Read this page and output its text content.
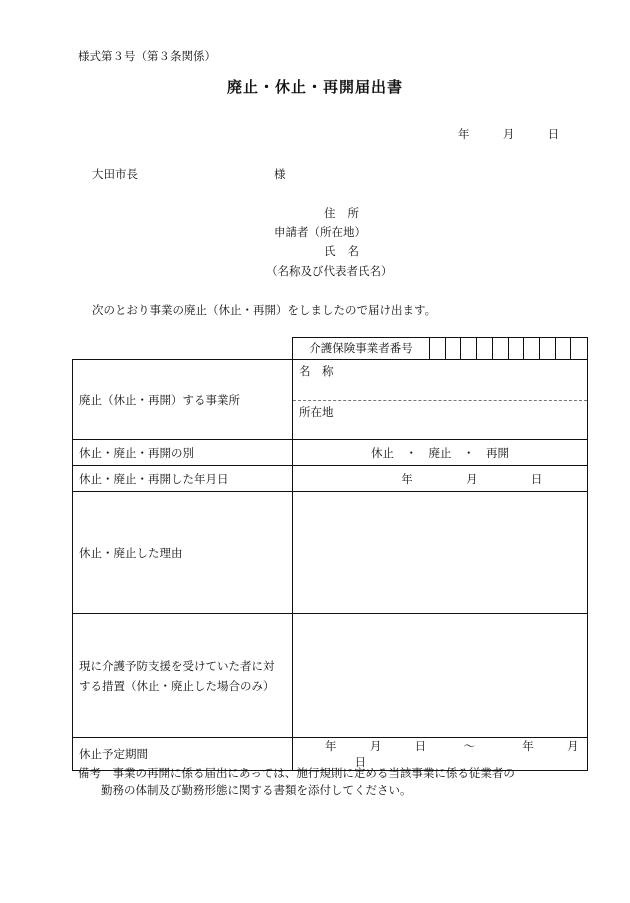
様式第３号（第３条関係）
廃止・休止・再開届出書
年	月	日
大田市長	様
住所
申請者（所在地）
氏名
（名称及び代表者氏名）
次のとおり事業の廃止（休止・再開）をしましたので届け出ます。
介護保険事業者番号
廃止（休止・再開）する事業所	名　称
所在地

休止・廃止・再開の別	休止　・　廃止　・　再開
休止・廃止・再開した年月日	年 月 日
休止・廃止した理由	

現に介護予防支援を受けていた者に対
する措置（休止・廃止した場合のみ）	

休止予定期間	年 月 日 ～ 年 月  日
備考　事業の再開に係る届出にあっては、施行規則に定める当該事業に係る従業者の
勤務の体制及び勤務形態に関する書類を添付してください。
